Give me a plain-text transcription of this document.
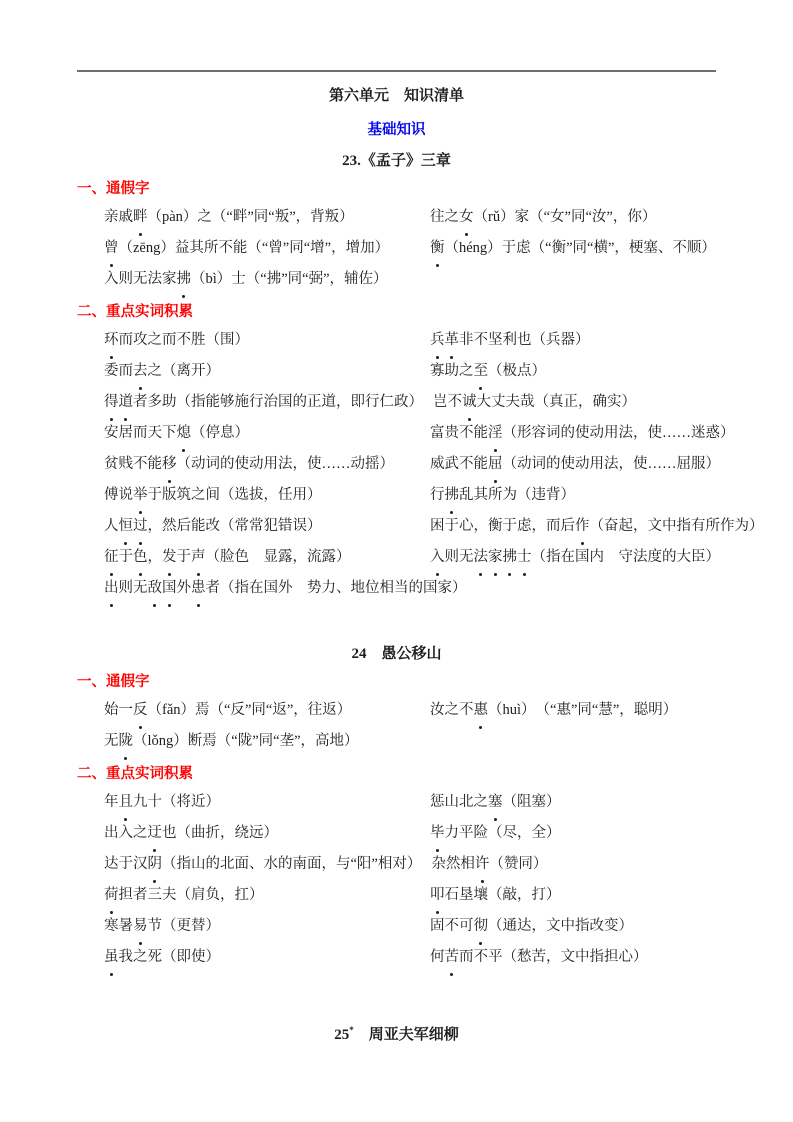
第六单元　知识清单
基础知识
23.《孟子》三章
一、通假字
亲戚畔（pàn）之（“畔”同“叛”，背叛）	往之女（rǔ）家（“女”同“汝”，你）
曾（zēng）益其所不能（“曾”同“增”，增加）	衡（héng）于虑（“衡”同“横”，梗塞、不顺）
入则无法家拂（bì）士（“拂”同“弼”，辅佐）
二、重点实词积累
环而攻之而不胜（围）	兵革非不坚利也（兵器）
委而去之（离开）	寡助之至（极点）
得道者多助（指能够施行治国的正道，即行仁政） 岂不诚大丈夫哉（真正，确实）
安居而天下熄（停息）	富贵不能淫（形容词的使动用法，使……迷惑）
贫贱不能移（动词的使动用法，使……动摇） 威武不能屈（动词的使动用法，使……屈服）
傅说举于版筑之间（选拔，任用）	行拂乱其所为（违背）
人恒过，然后能改（常常犯错误）	困于心，衡于虑，而后作（奋起，文中指有所作为）
征于色，发于声（脸色　显露，流露）	入则无法家拂士（指在国内　守法度的大臣）
出则无敌国外患者（指在国外　势力、地位相当的国家）
24　愚公移山
一、通假字
始一反（fǎn）焉（“反”同“返”，往返）	汝之不惠（huì）　（“惠”同“慧”，聪明）
无陇（lǒng）断焉（“陇”同“垄”，高地）
二、重点实词积累
年且九十（将近）	惩山北之塞（阻塞）
出入之迂也（曲折，绕远）	毕力平险（尽，全）
达于汉阴（指山的北面、水的南面，与“阳”相对） 杂然相许（赞同）
荷担者三夫（肩负，扛）	叩石垦壤（敲，打）
寒暑易节（更替）	固不可彻（通达，文中指改变）
虽我之死（即使）	何苦而不平（愁苦，文中指担心）
25*　 周亚夫军细柳
